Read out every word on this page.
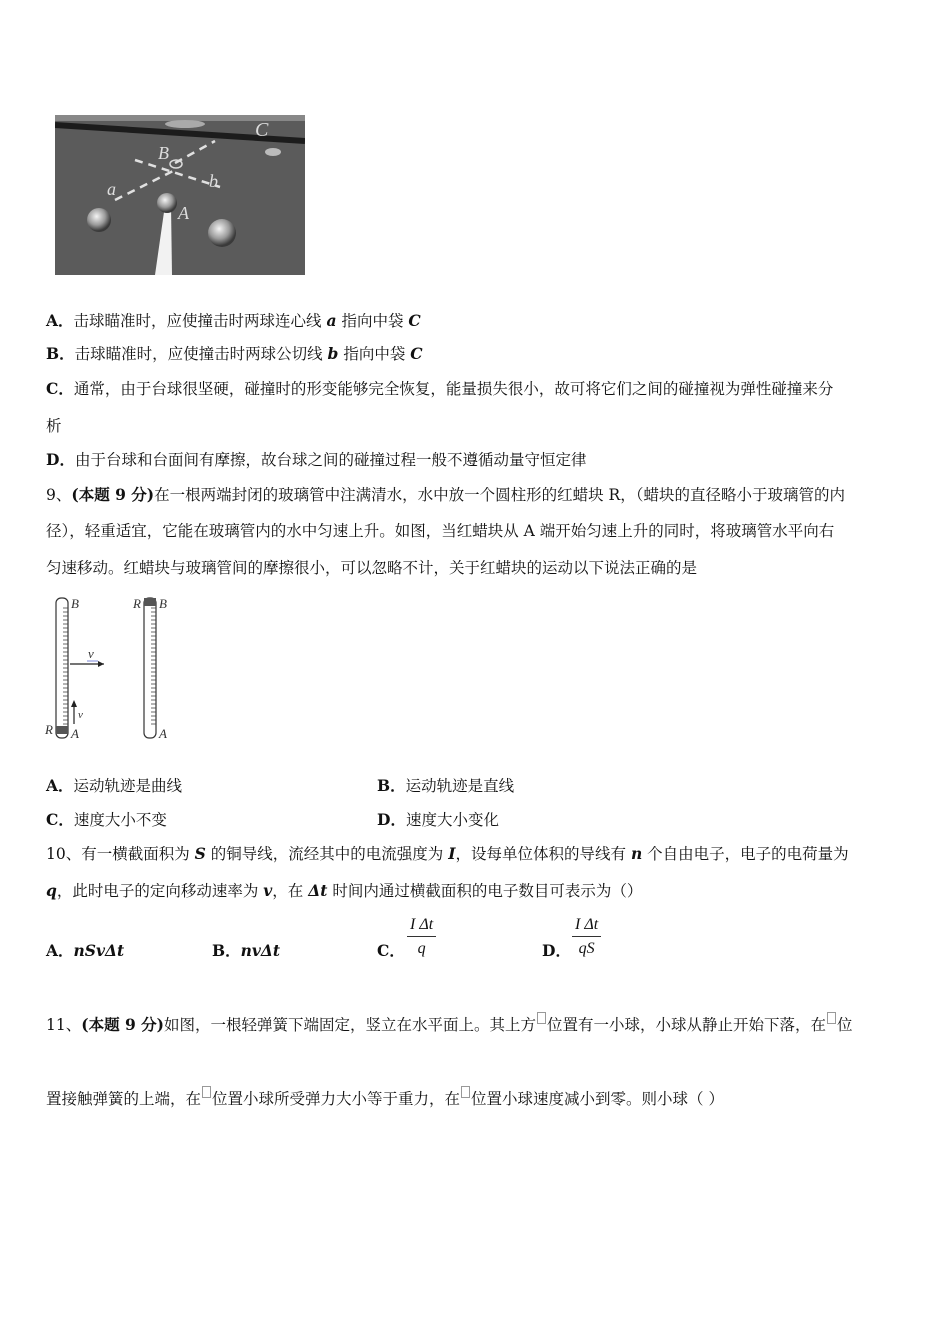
C
B
a	b
A
A．击球瞄准时，应使撞击时两球连心线 a 指向中袋 C
B．击球瞄准时，应使撞击时两球公切线 b 指向中袋 C
C．通常，由于台球很坚硬，碰撞时的形变能够完全恢复，能量损失很小，故可将它们之间的碰撞视为弹性碰撞来分
析
D．由于台球和台面间有摩擦，故台球之间的碰撞过程一般不遵循动量守恒定律
9、(本题 9 分)在一根两端封闭的玻璃管中注满清水，水中放一个圆柱形的红蜡块 R，（蜡块的直径略小于玻璃管的内
径），轻重适宜，它能在玻璃管内的水中匀速上升。如图，当红蜡块从 A 端开始匀速上升的同时，将玻璃管水平向右
匀速移动。红蜡块与玻璃管间的摩擦很小，可以忽略不计，关于红蜡块的运动以下说法正确的是
B
v
v
R A
R B
A
A．运动轨迹是曲线	B．运动轨迹是直线
C．速度大小不变	D．速度大小变化
10、有一横截面积为 S 的铜导线，流经其中的电流强度为 I，设每单位体积的导线有 n 个自由电子，电子的电荷量为
q，此时电子的定向移动速率为 v，在 Δt 时间内通过横截面积的电子数目可表示为（）
A．nSvΔt	B．nvΔt	C． $\frac{\text{I Δt}}{q}$	D． $\frac{\text{I Δt}}{qS}$
11、(本题 9 分)如图，一根轻弹簧下端固定，竖立在水平面上。其上方 位置有一小球，小球从静止开始下落，在 位
置接触弹簧的上端，在 位置小球所受弹力大小等于重力，在 位置小球速度减小到零。则小球（ ）
